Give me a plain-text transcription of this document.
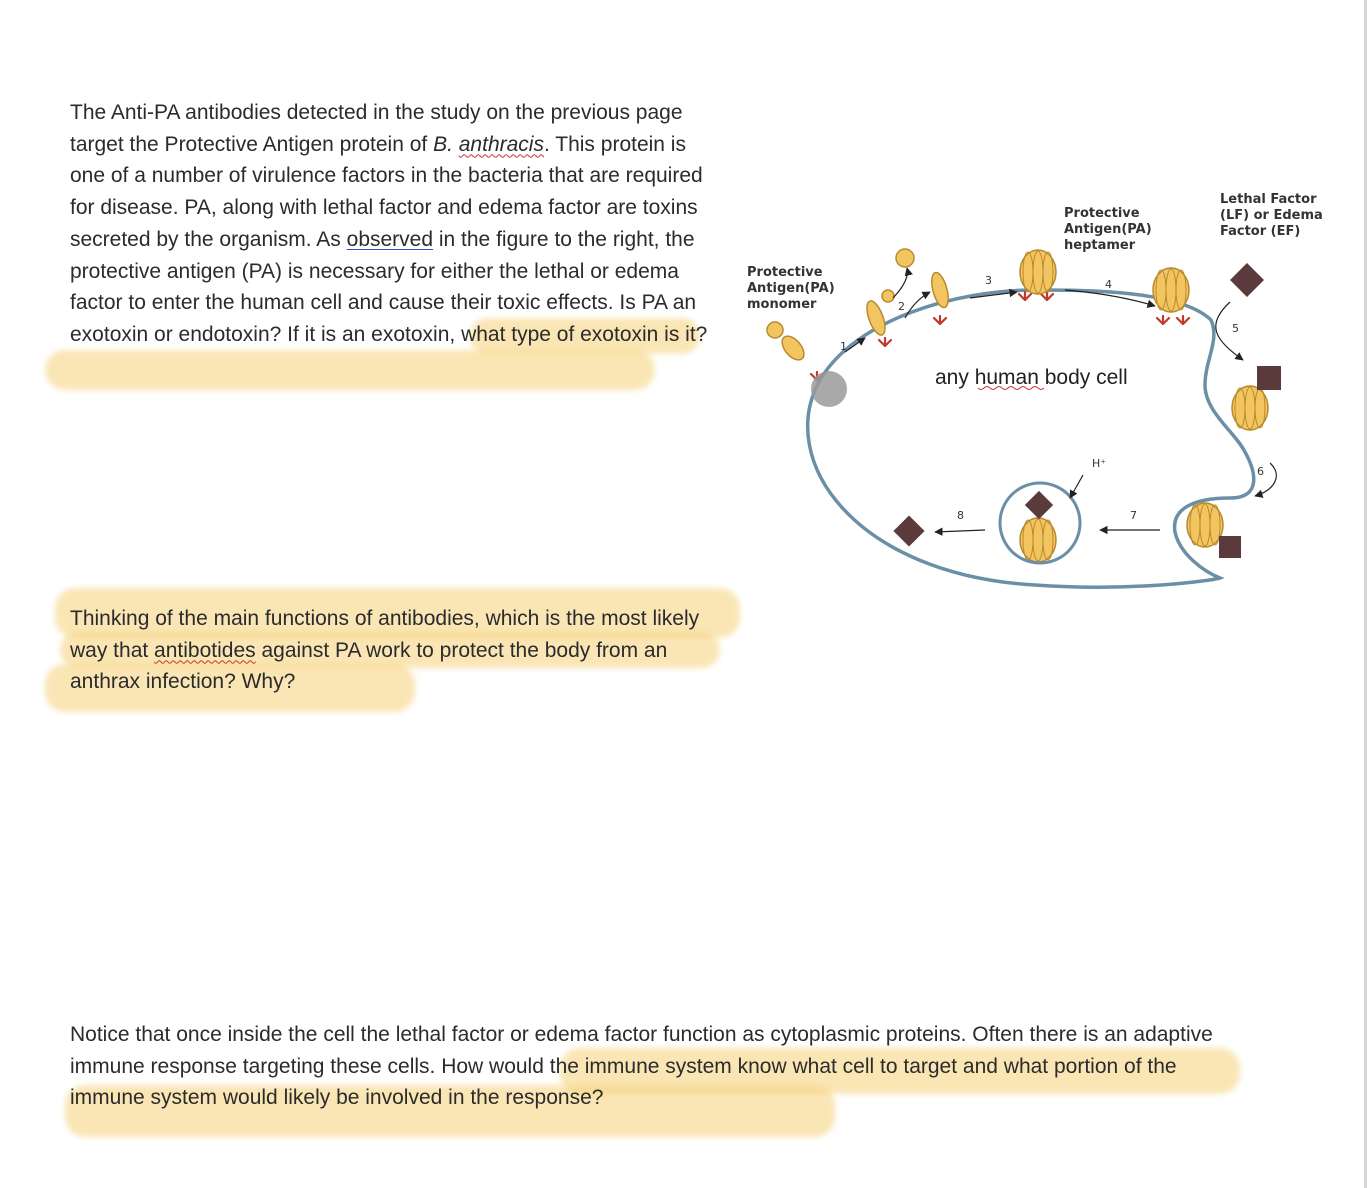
The Anti-PA antibodies detected in the study on the previous page target the Protective Antigen protein of B. anthracis. This protein is one of a number of virulence factors in the bacteria that are required for disease. PA, along with lethal factor and edema factor are toxins secreted by the organism. As observed in the figure to the right, the protective antigen (PA) is necessary for either the lethal or edema factor to enter the human cell and cause their toxic effects. Is PA an exotoxin or endotoxin? If it is an exotoxin, what type of exotoxin is it?

Thinking of the main functions of antibodies, which is the most likely way that antibotides against PA work to protect the body from an anthrax infection? Why?

Notice that once inside the cell the lethal factor or edema factor function as cytoplasmic proteins. Often there is an adaptive immune response targeting these cells. How would the immune system know what cell to target and what portion of the immune system would likely be involved in the response?

1
2
3	4
5
6
7
8
H⁺
Protective Antigen(PA) monomer
Protective Antigen(PA) heptamer
Lethal Factor (LF) or Edema Factor (EF)
any human body cell
